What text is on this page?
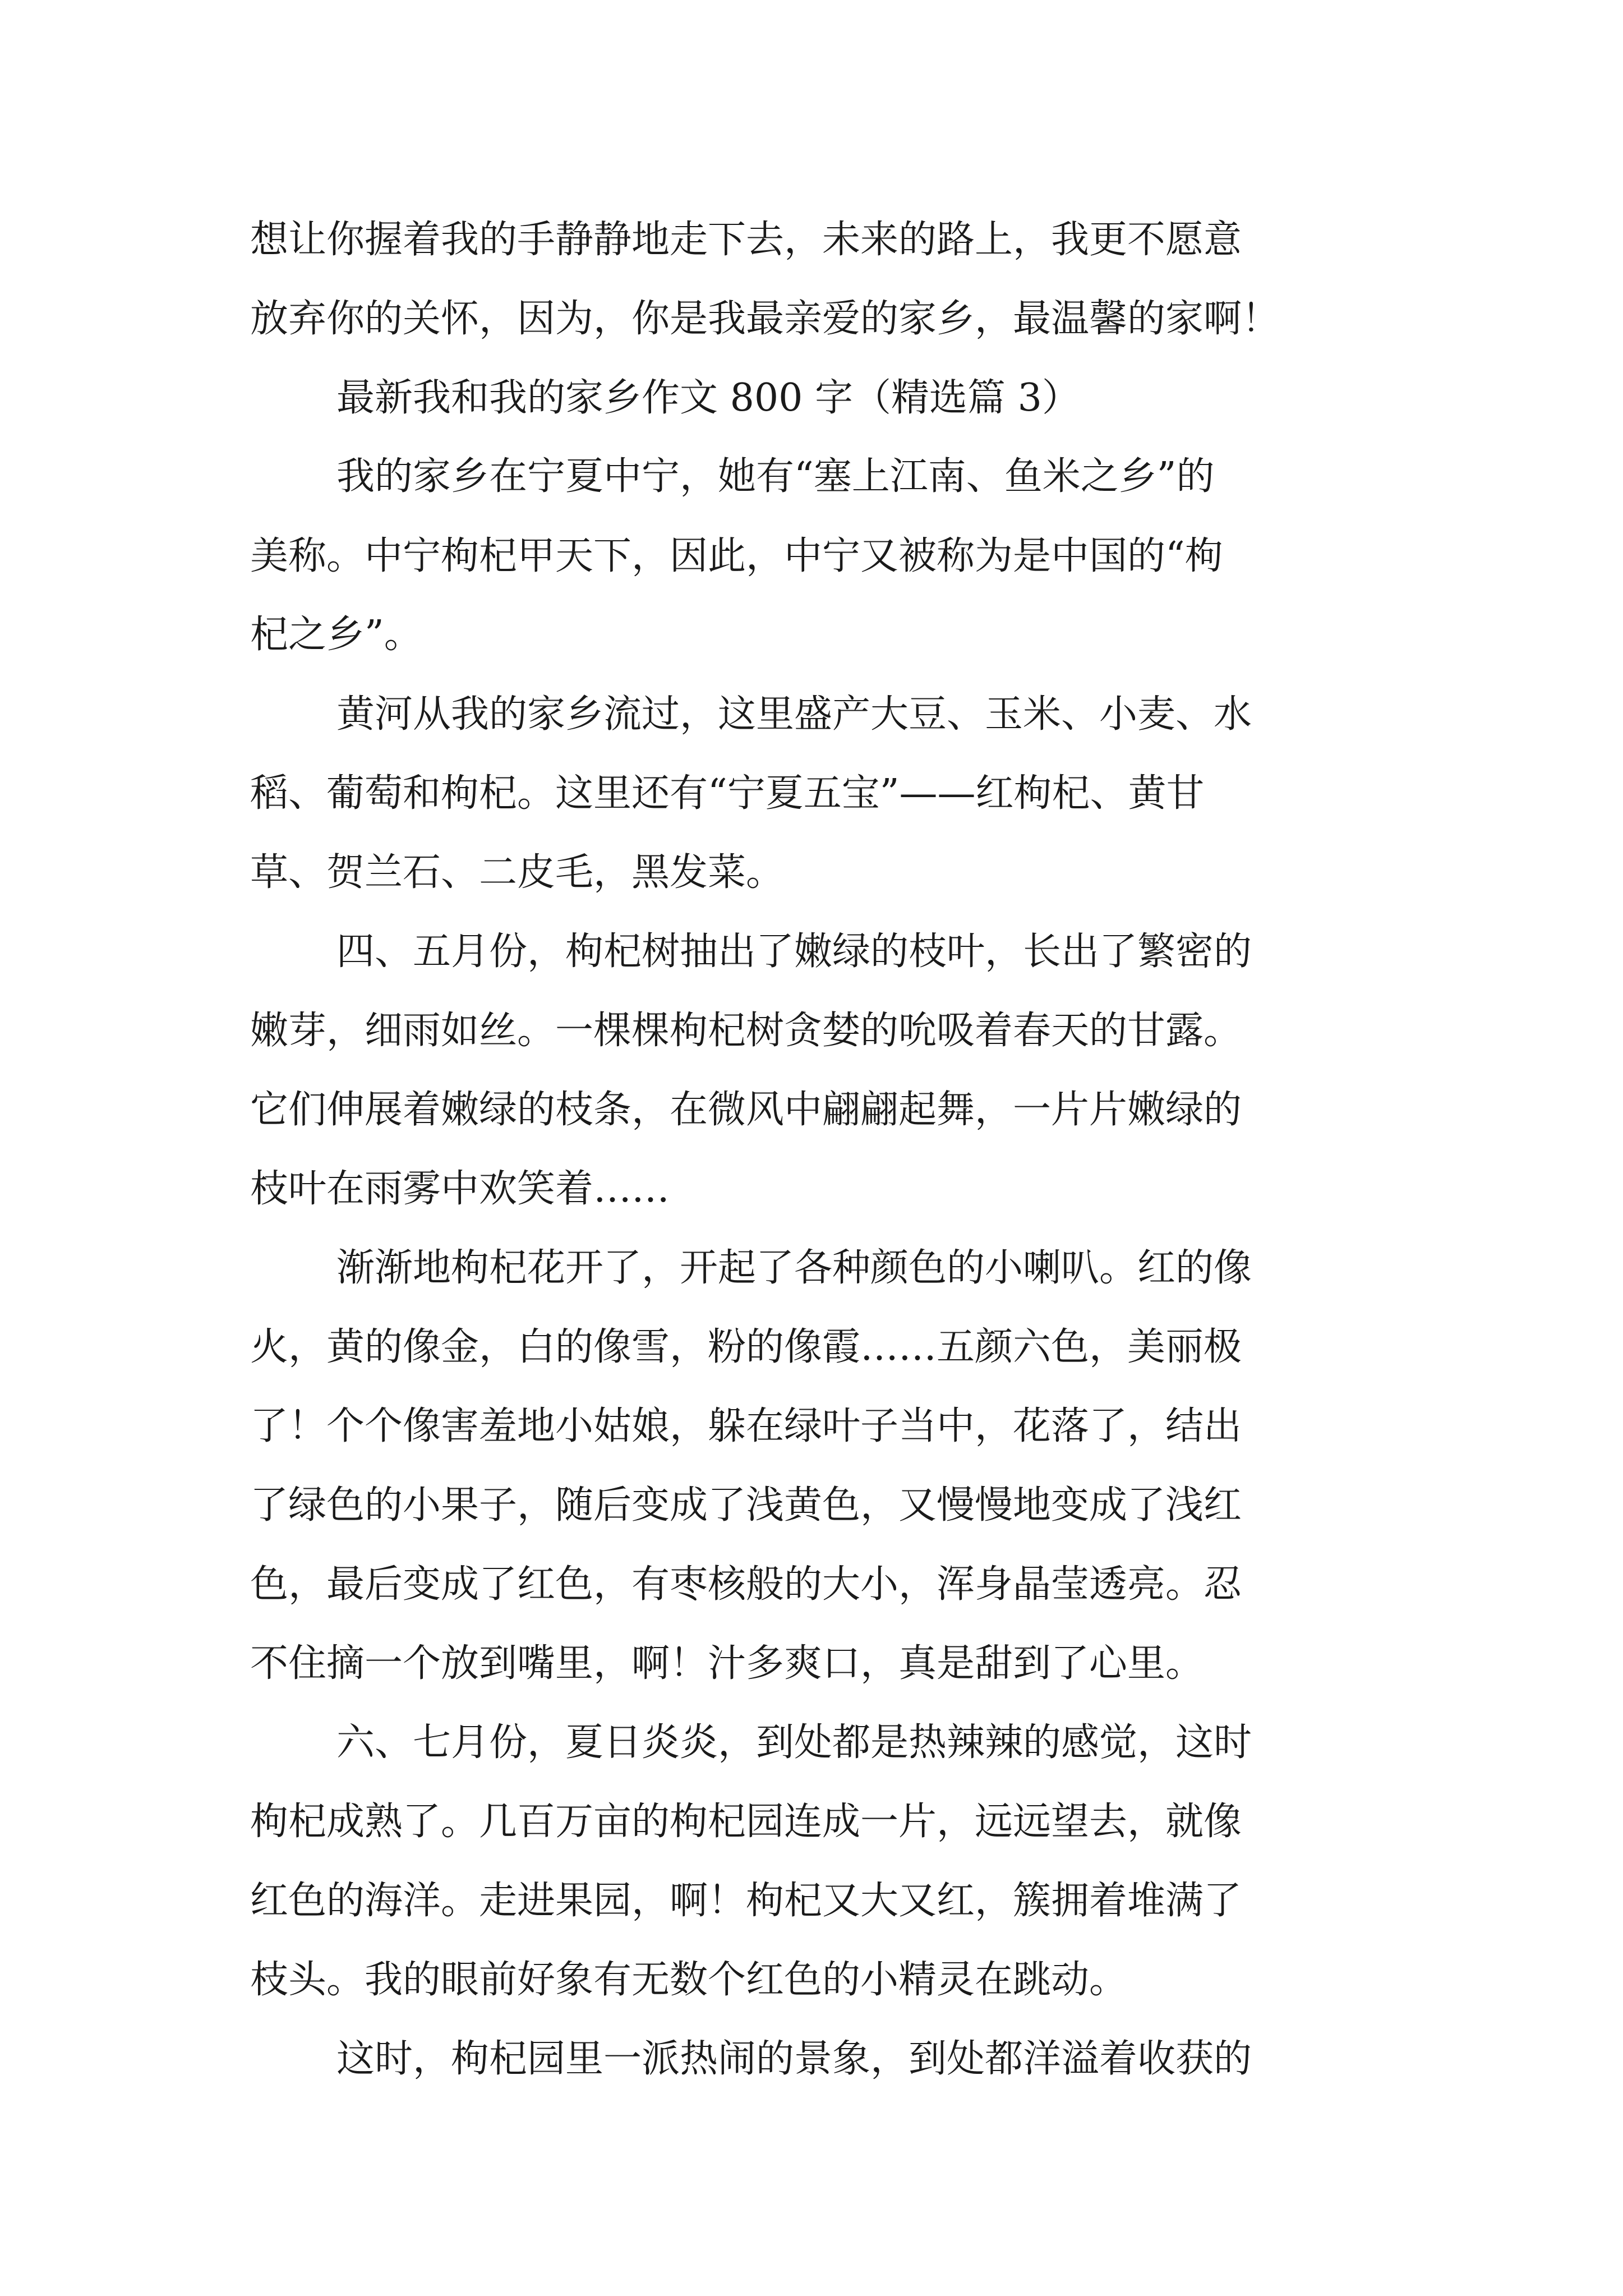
想让你握着我的手静静地走下去，未来的路上，我更不愿意
放弃你的关怀，因为，你是我最亲爱的家乡，最温馨的家啊！
最新我和我的家乡作文 800 字（精选篇 3）
我的家乡在宁夏中宁，她有“塞上江南、鱼米之乡”的
美称。中宁枸杞甲天下，因此，中宁又被称为是中国的“枸
杞之乡”。
黄河从我的家乡流过，这里盛产大豆、玉米、小麦、水
稻、葡萄和枸杞。这里还有“宁夏五宝”——红枸杞、黄甘
草、贺兰石、二皮毛，黑发菜。
四、五月份，枸杞树抽出了嫩绿的枝叶，长出了繁密的
嫩芽，细雨如丝。一棵棵枸杞树贪婪的吮吸着春天的甘露。
它们伸展着嫩绿的枝条，在微风中翩翩起舞，一片片嫩绿的
枝叶在雨雾中欢笑着……
渐渐地枸杞花开了，开起了各种颜色的小喇叭。红的像
火，黄的像金，白的像雪，粉的像霞……五颜六色，美丽极
了！个个像害羞地小姑娘，躲在绿叶子当中，花落了，结出
了绿色的小果子，随后变成了浅黄色，又慢慢地变成了浅红
色，最后变成了红色，有枣核般的大小，浑身晶莹透亮。忍
不住摘一个放到嘴里，啊！汁多爽口，真是甜到了心里。
六、七月份，夏日炎炎，到处都是热辣辣的感觉，这时
枸杞成熟了。几百万亩的枸杞园连成一片，远远望去，就像
红色的海洋。走进果园，啊！枸杞又大又红，簇拥着堆满了
枝头。我的眼前好象有无数个红色的小精灵在跳动。
这时，枸杞园里一派热闹的景象，到处都洋溢着收获的
